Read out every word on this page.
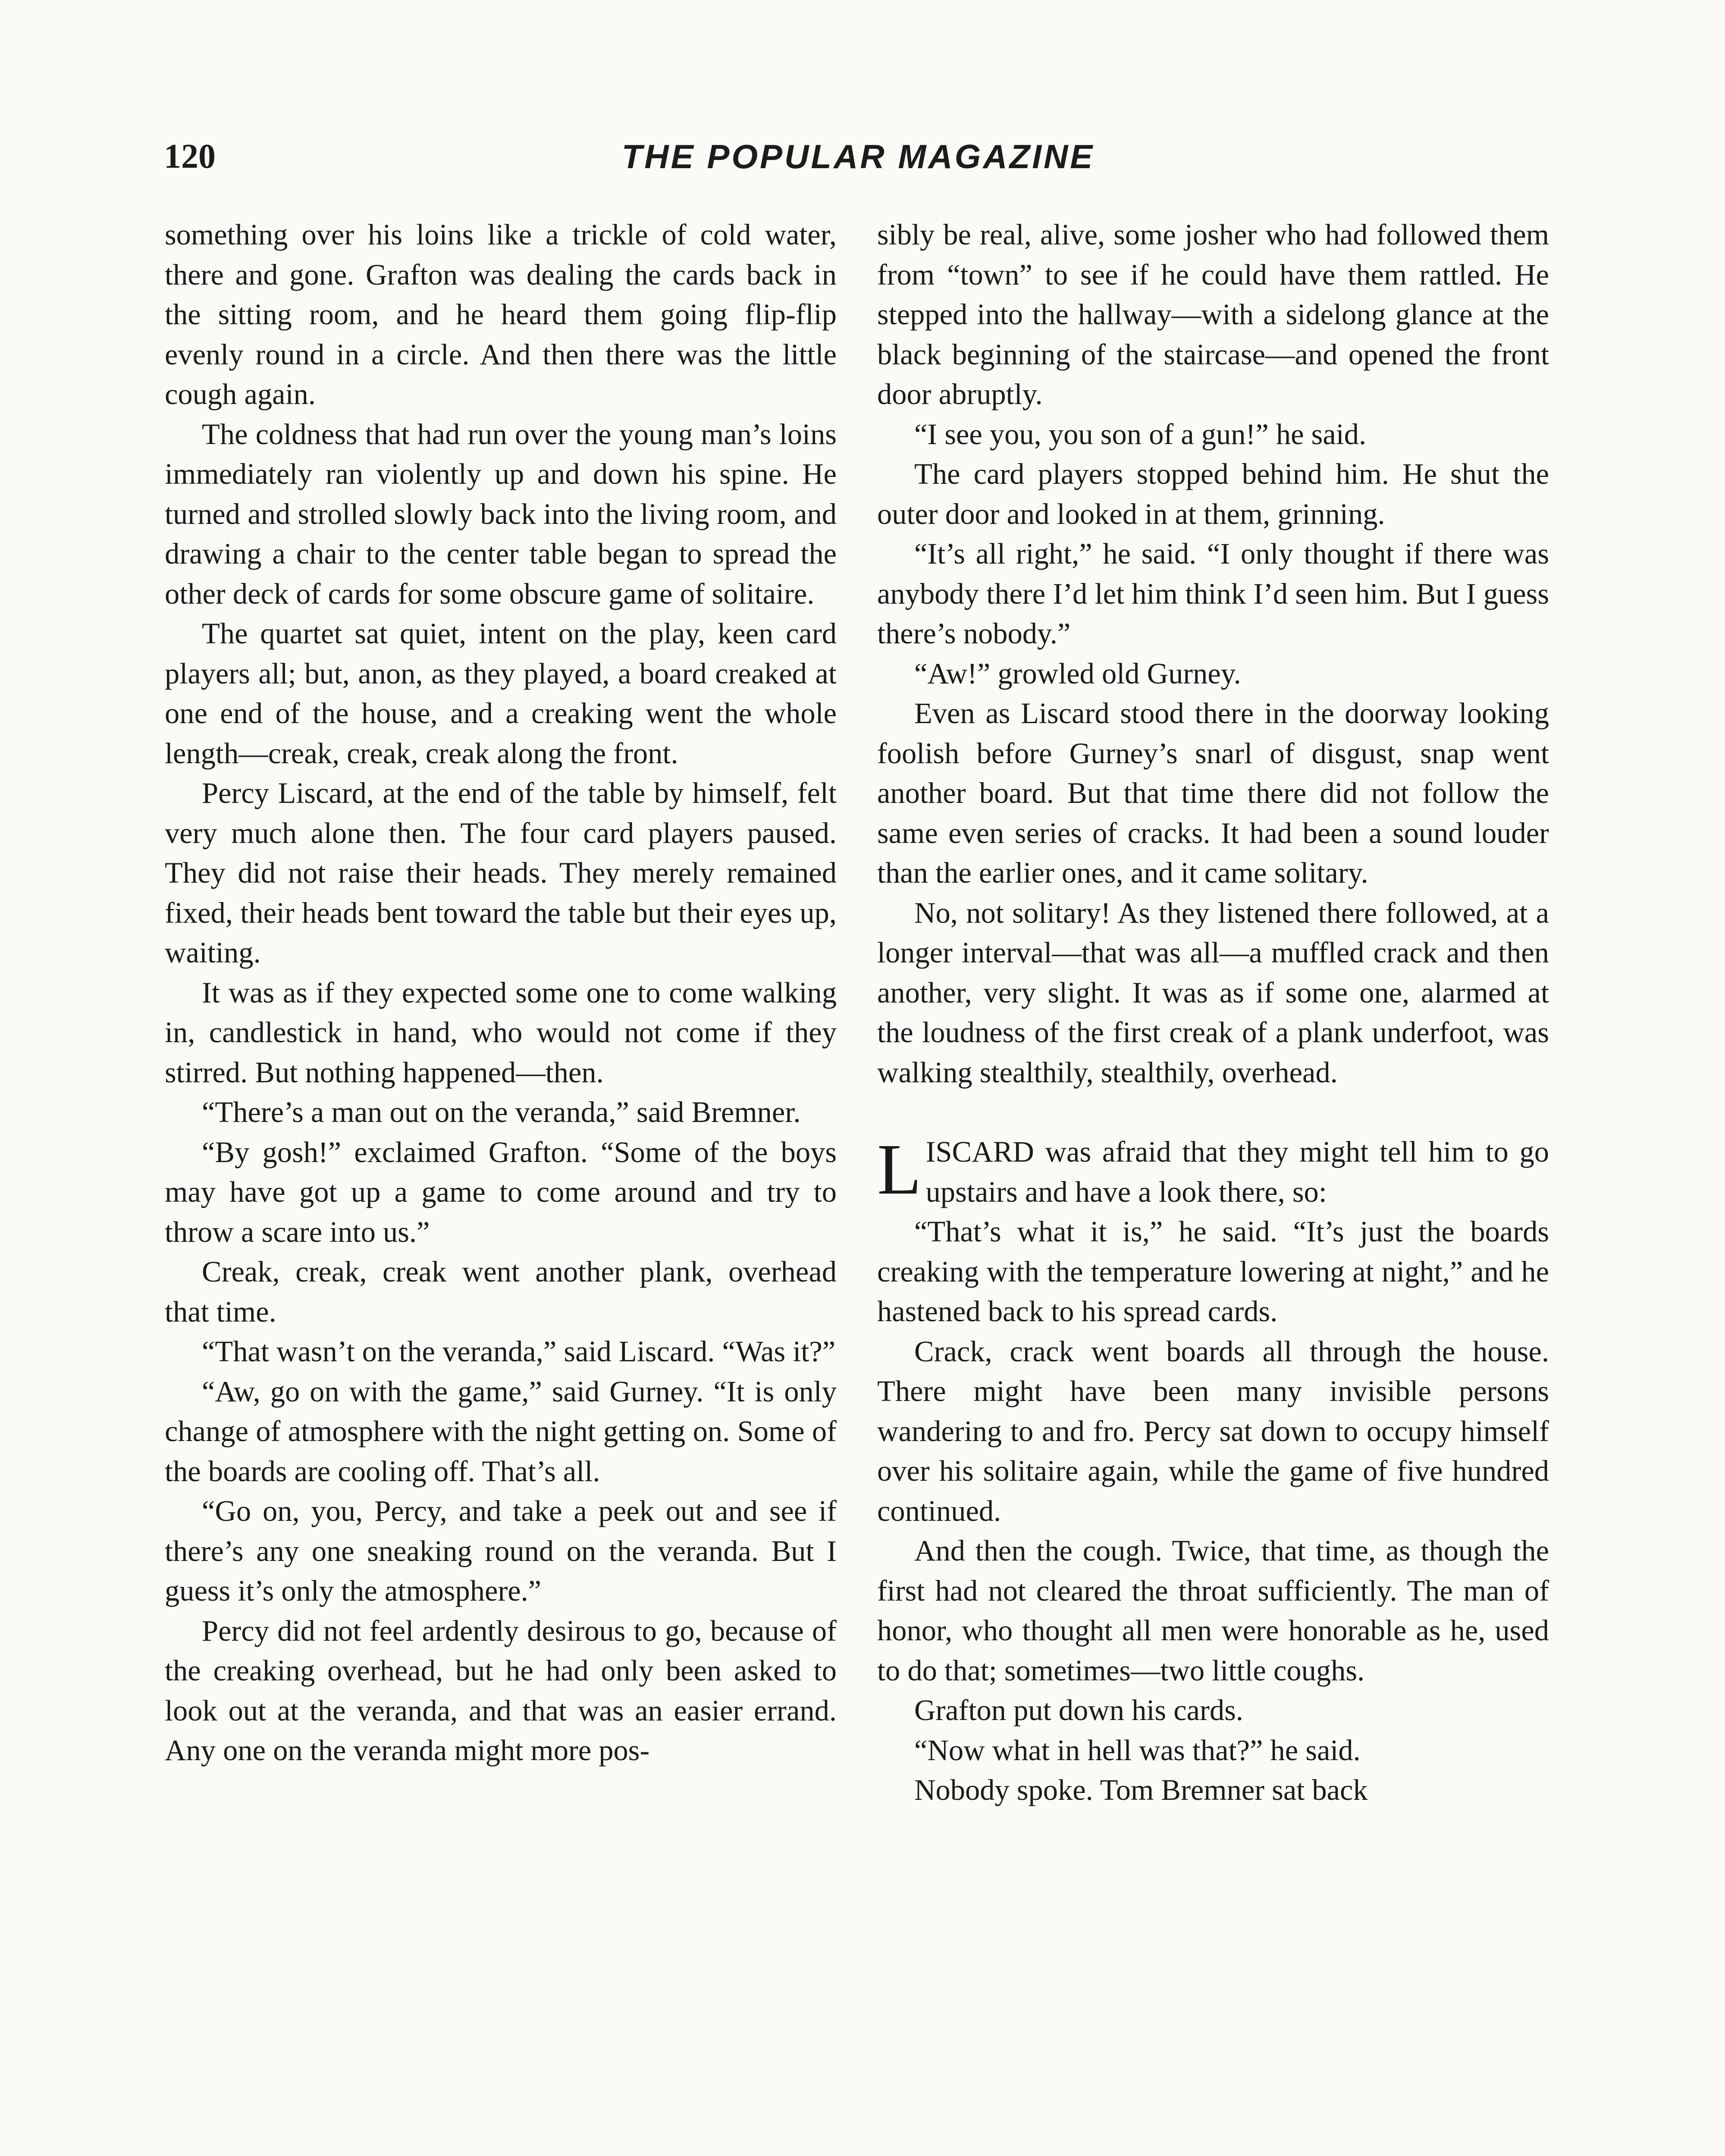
120	THE POPULAR MAGAZINE

something over his loins like a trickle of cold water, there and gone. Grafton was dealing the cards back in the sitting room, and he heard them going flip-flip evenly round in a circle. And then there was the little cough again.

The coldness that had run over the young man’s loins immediately ran violently up and down his spine. He turned and strolled slowly back into the living room, and drawing a chair to the center table began to spread the other deck of cards for some obscure game of solitaire.

The quartet sat quiet, intent on the play, keen card players all; but, anon, as they played, a board creaked at one end of the house, and a creaking went the whole length—creak, creak, creak along the front.

Percy Liscard, at the end of the table by himself, felt very much alone then. The four card players paused. They did not raise their heads. They merely remained fixed, their heads bent toward the table but their eyes up, waiting.

It was as if they expected some one to come walking in, candlestick in hand, who would not come if they stirred. But nothing happened—then.

“There’s a man out on the veranda,” said Bremner.

“By gosh!” exclaimed Grafton. “Some of the boys may have got up a game to come around and try to throw a scare into us.”

Creak, creak, creak went another plank, overhead that time.

“That wasn’t on the veranda,” said Liscard. “Was it?”

“Aw, go on with the game,” said Gurney. “It is only change of atmosphere with the night getting on. Some of the boards are cooling off. That’s all.

“Go on, you, Percy, and take a peek out and see if there’s any one sneaking round on the veranda. But I guess it’s only the atmosphere.”

Percy did not feel ardently desirous to go, because of the creaking overhead, but he had only been asked to look out at the veranda, and that was an easier errand. Any one on the veranda might more pos-

sibly be real, alive, some josher who had followed them from “town” to see if he could have them rattled. He stepped into the hallway—with a sidelong glance at the black beginning of the staircase—and opened the front door abruptly.

“I see you, you son of a gun!” he said.

The card players stopped behind him. He shut the outer door and looked in at them, grinning.

“It’s all right,” he said. “I only thought if there was anybody there I’d let him think I’d seen him. But I guess there’s nobody.”

“Aw!” growled old Gurney.

Even as Liscard stood there in the doorway looking foolish before Gurney’s snarl of disgust, snap went another board. But that time there did not follow the same even series of cracks. It had been a sound louder than the earlier ones, and it came solitary.

No, not solitary! As they listened there followed, at a longer interval—that was all—a muffled crack and then another, very slight. It was as if some one, alarmed at the loudness of the first creak of a plank underfoot, was walking stealthily, stealthily, overhead.

LISCARD was afraid that they might tell him to go upstairs and have a look there, so:

“That’s what it is,” he said. “It’s just the boards creaking with the temperature lowering at night,” and he hastened back to his spread cards.

Crack, crack went boards all through the house. There might have been many invisible persons wandering to and fro. Percy sat down to occupy himself over his solitaire again, while the game of five hundred continued.

And then the cough. Twice, that time, as though the first had not cleared the throat sufficiently. The man of honor, who thought all men were honorable as he, used to do that; sometimes—two little coughs.

Grafton put down his cards.

“Now what in hell was that?” he said.

Nobody spoke. Tom Bremner sat back
